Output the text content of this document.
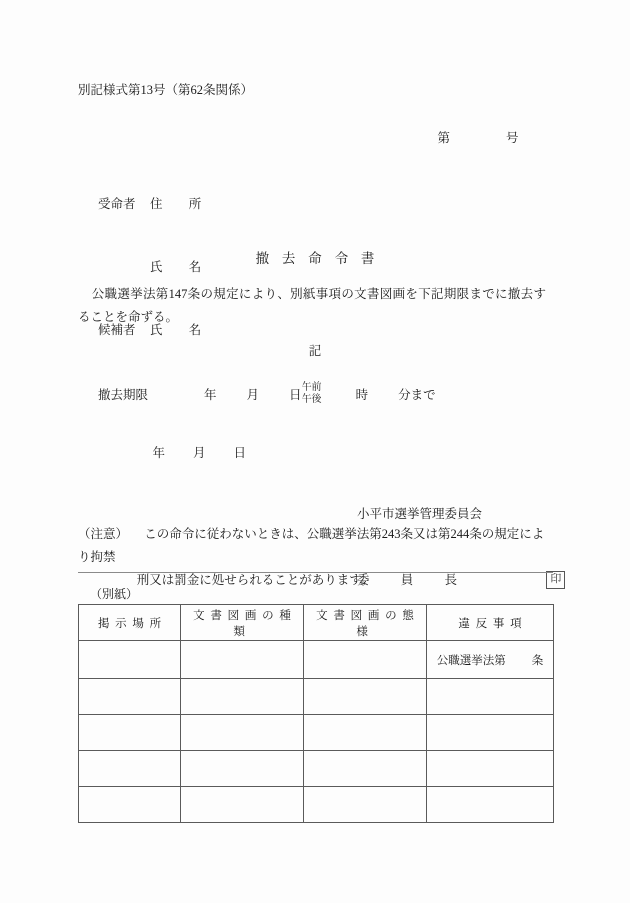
別記様式第13号（第62条関係）

第	号

受命者 住　所

氏　名

候補者 氏　名

撤去命令書
公職選挙法第147条の規定により、別紙事項の文書図画を下記期限までに撤去することを命ずる。
記
撤去期限	年 月 日 午前
午後	時 分まで

年 月 日

小平市選挙管理委員会

委　員　長	印

（注意） この命令に従わないときは、公職選挙法第243条又は第244条の規定により拘禁
刑又は罰金に処せられることがあります。
（別紙）
掲示場所	文書図画の種類	文書図画の態様	違反事項
			公職選挙法第 条
